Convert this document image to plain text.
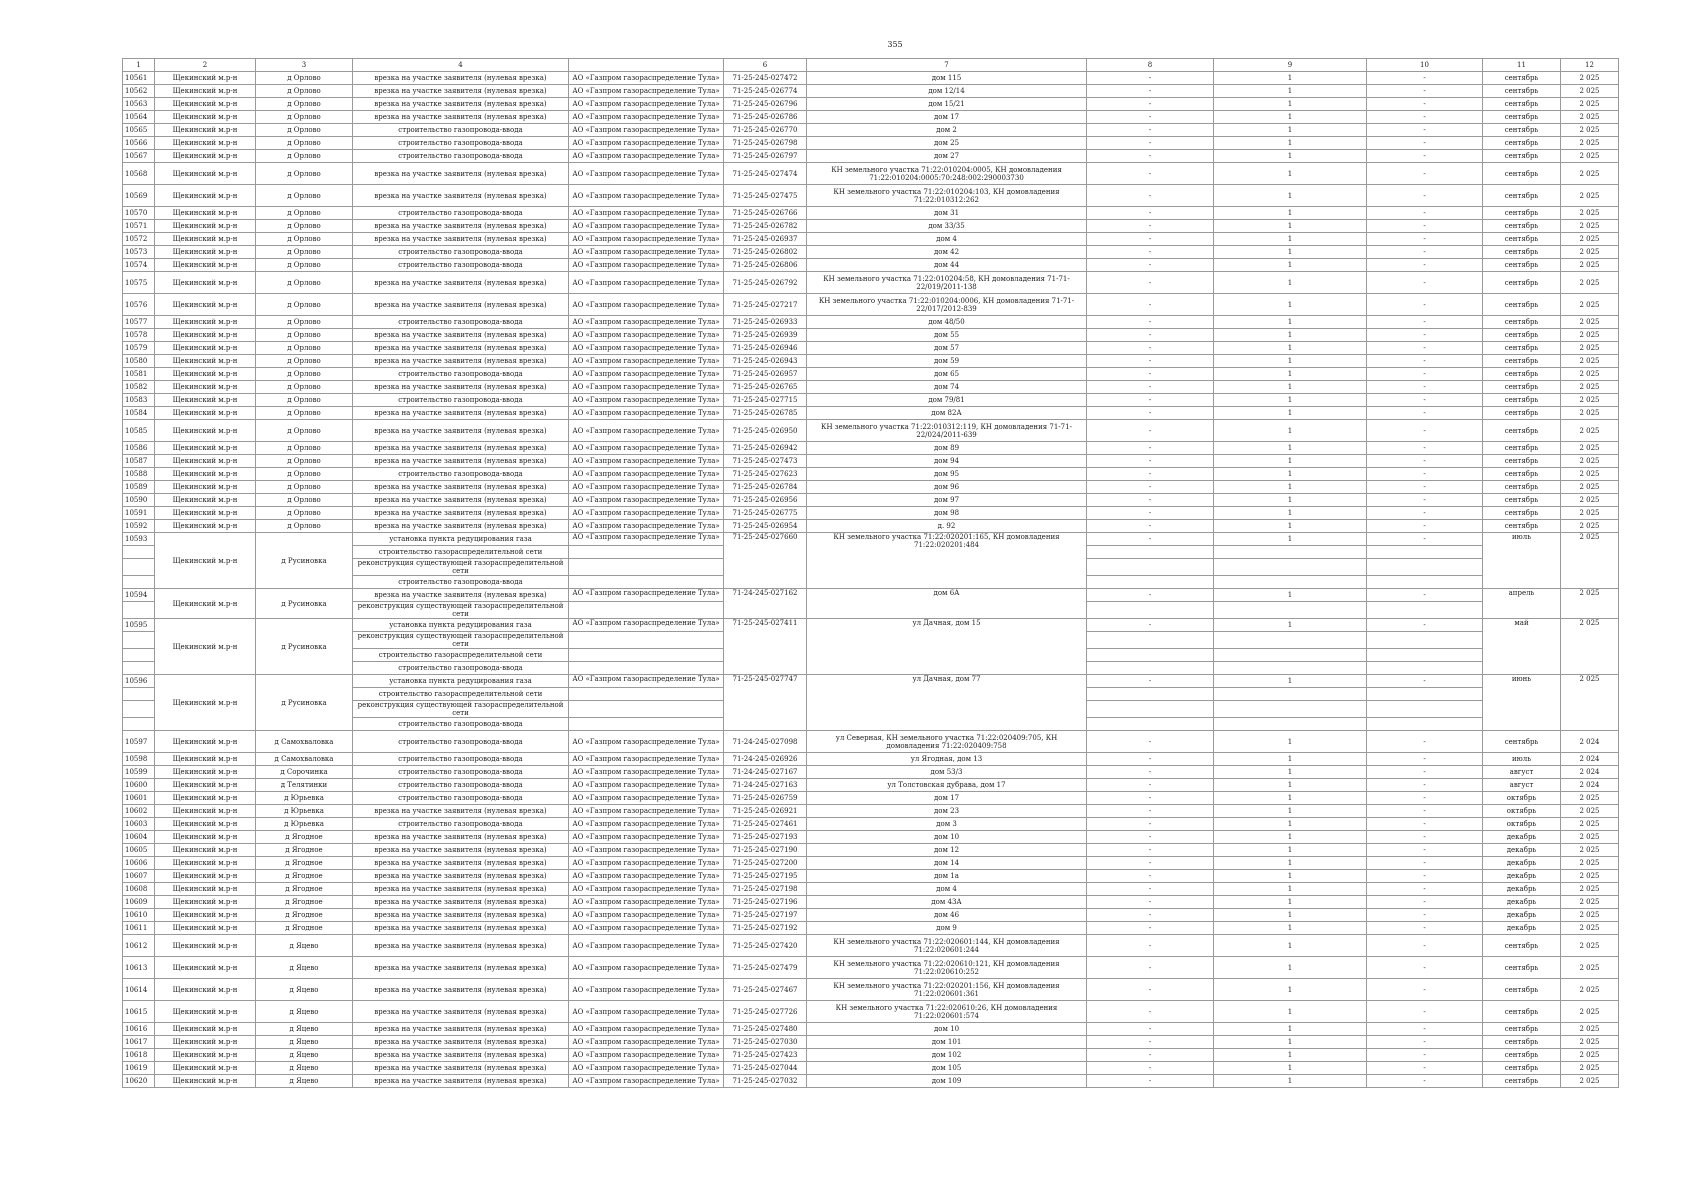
355
1	2	3	4		6	7	8	9	10	11	12
10561	Щекинский м.р-н	д Орлово	врезка на участке заявителя (нулевая врезка)	АО «Газпром газораспределение Тула»	71-25-245-027472	дом 115	-	1	-	сентябрь	2 025
10562	Щекинский м.р-н	д Орлово	врезка на участке заявителя (нулевая врезка)	АО «Газпром газораспределение Тула»	71-25-245-026774	дом 12/14	-	1	-	сентябрь	2 025
10563	Щекинский м.р-н	д Орлово	врезка на участке заявителя (нулевая врезка)	АО «Газпром газораспределение Тула»	71-25-245-026796	дом 15/21	-	1	-	сентябрь	2 025
10564	Щекинский м.р-н	д Орлово	врезка на участке заявителя (нулевая врезка)	АО «Газпром газораспределение Тула»	71-25-245-026786	дом 17	-	1	-	сентябрь	2 025
10565	Щекинский м.р-н	д Орлово	строительство газопровода-ввода	АО «Газпром газораспределение Тула»	71-25-245-026770	дом 2	-	1	-	сентябрь	2 025
10566	Щекинский м.р-н	д Орлово	строительство газопровода-ввода	АО «Газпром газораспределение Тула»	71-25-245-026798	дом 25	-	1	-	сентябрь	2 025
10567	Щекинский м.р-н	д Орлово	строительство газопровода-ввода	АО «Газпром газораспределение Тула»	71-25-245-026797	дом 27	-	1	-	сентябрь	2 025
10568	Щекинский м.р-н	д Орлово	врезка на участке заявителя (нулевая врезка)	АО «Газпром газораспределение Тула»	71-25-245-027474	КН земельного участка 71:22:010204:0005, КН домовладения 71:22:010204:0005:70:248:002:290003730	-	1	-	сентябрь	2 025
10569	Щекинский м.р-н	д Орлово	врезка на участке заявителя (нулевая врезка)	АО «Газпром газораспределение Тула»	71-25-245-027475	КН земельного участка 71:22:010204:103, КН домовладения 71:22:010312:262	-	1	-	сентябрь	2 025
10570	Щекинский м.р-н	д Орлово	строительство газопровода-ввода	АО «Газпром газораспределение Тула»	71-25-245-026766	дом 31	-	1	-	сентябрь	2 025
10571	Щекинский м.р-н	д Орлово	врезка на участке заявителя (нулевая врезка)	АО «Газпром газораспределение Тула»	71-25-245-026782	дом 33/35	-	1	-	сентябрь	2 025
10572	Щекинский м.р-н	д Орлово	врезка на участке заявителя (нулевая врезка)	АО «Газпром газораспределение Тула»	71-25-245-026937	дом 4	-	1	-	сентябрь	2 025
10573	Щекинский м.р-н	д Орлово	строительство газопровода-ввода	АО «Газпром газораспределение Тула»	71-25-245-026802	дом 42	-	1	-	сентябрь	2 025
10574	Щекинский м.р-н	д Орлово	строительство газопровода-ввода	АО «Газпром газораспределение Тула»	71-25-245-026806	дом 44	-	1	-	сентябрь	2 025
10575	Щекинский м.р-н	д Орлово	врезка на участке заявителя (нулевая врезка)	АО «Газпром газораспределение Тула»	71-25-245-026792	КН земельного участка 71:22:010204:58, КН домовладения 71-71-22/019/2011-138	-	1	-	сентябрь	2 025
10576	Щекинский м.р-н	д Орлово	врезка на участке заявителя (нулевая врезка)	АО «Газпром газораспределение Тула»	71-25-245-027217	КН земельного участка 71:22:010204:0006, КН домовладения 71-71-22/017/2012-839	-	1	-	сентябрь	2 025
10577	Щекинский м.р-н	д Орлово	строительство газопровода-ввода	АО «Газпром газораспределение Тула»	71-25-245-026933	дом 48/50	-	1	-	сентябрь	2 025
10578	Щекинский м.р-н	д Орлово	врезка на участке заявителя (нулевая врезка)	АО «Газпром газораспределение Тула»	71-25-245-026939	дом 55	-	1	-	сентябрь	2 025
10579	Щекинский м.р-н	д Орлово	врезка на участке заявителя (нулевая врезка)	АО «Газпром газораспределение Тула»	71-25-245-026946	дом 57	-	1	-	сентябрь	2 025
10580	Щекинский м.р-н	д Орлово	врезка на участке заявителя (нулевая врезка)	АО «Газпром газораспределение Тула»	71-25-245-026943	дом 59	-	1	-	сентябрь	2 025
10581	Щекинский м.р-н	д Орлово	строительство газопровода-ввода	АО «Газпром газораспределение Тула»	71-25-245-026957	дом 65	-	1	-	сентябрь	2 025
10582	Щекинский м.р-н	д Орлово	врезка на участке заявителя (нулевая врезка)	АО «Газпром газораспределение Тула»	71-25-245-026765	дом 74	-	1	-	сентябрь	2 025
10583	Щекинский м.р-н	д Орлово	строительство газопровода-ввода	АО «Газпром газораспределение Тула»	71-25-245-027715	дом 79/81	-	1	-	сентябрь	2 025
10584	Щекинский м.р-н	д Орлово	врезка на участке заявителя (нулевая врезка)	АО «Газпром газораспределение Тула»	71-25-245-026785	дом 82А	-	1	-	сентябрь	2 025
10585	Щекинский м.р-н	д Орлово	врезка на участке заявителя (нулевая врезка)	АО «Газпром газораспределение Тула»	71-25-245-026950	КН земельного участка 71:22:010312:119, КН домовладения 71-71-22/024/2011-639	-	1	-	сентябрь	2 025
10586	Щекинский м.р-н	д Орлово	врезка на участке заявителя (нулевая врезка)	АО «Газпром газораспределение Тула»	71-25-245-026942	дом 89	-	1	-	сентябрь	2 025
10587	Щекинский м.р-н	д Орлово	врезка на участке заявителя (нулевая врезка)	АО «Газпром газораспределение Тула»	71-25-245-027473	дом 94	-	1	-	сентябрь	2 025
10588	Щекинский м.р-н	д Орлово	строительство газопровода-ввода	АО «Газпром газораспределение Тула»	71-25-245-027623	дом 95	-	1	-	сентябрь	2 025
10589	Щекинский м.р-н	д Орлово	врезка на участке заявителя (нулевая врезка)	АО «Газпром газораспределение Тула»	71-25-245-026784	дом 96	-	1	-	сентябрь	2 025
10590	Щекинский м.р-н	д Орлово	врезка на участке заявителя (нулевая врезка)	АО «Газпром газораспределение Тула»	71-25-245-026956	дом 97	-	1	-	сентябрь	2 025
10591	Щекинский м.р-н	д Орлово	врезка на участке заявителя (нулевая врезка)	АО «Газпром газораспределение Тула»	71-25-245-026775	дом 98	-	1	-	сентябрь	2 025
10592	Щекинский м.р-н	д Орлово	врезка на участке заявителя (нулевая врезка)	АО «Газпром газораспределение Тула»	71-25-245-026954	д. 92	-	1	-	сентябрь	2 025
10593	Щекинский м.р-н	д Русиновка	установка пункта редуцирования газа	АО «Газпром газораспределение Тула»	71-25-245-027660	КН земельного участка 71:22:020201:165, КН домовладения 71:22:020201:484	-	1	-	июль	2 025
			строительство газораспределительной сети								
			реконструкция существующей газораспределительной сети								
			строительство газопровода-ввода								
10594	Щекинский м.р-н	д Русиновка	врезка на участке заявителя (нулевая врезка)	АО «Газпром газораспределение Тула»	71-24-245-027162	дом 6А	-	1	-	апрель	2 025
			реконструкция существующей газораспределительной сети								
10595	Щекинский м.р-н	д Русиновка	установка пункта редуцирования газа	АО «Газпром газораспределение Тула»	71-25-245-027411	ул Дачная, дом 15	-	1	-	май	2 025
			реконструкция существующей газораспределительной сети								
			строительство газораспределительной сети								
			строительство газопровода-ввода								
10596	Щекинский м.р-н	д Русиновка	установка пункта редуцирования газа	АО «Газпром газораспределение Тула»	71-25-245-027747	ул Дачная, дом 77	-	1	-	июнь	2 025
			строительство газораспределительной сети								
			реконструкция существующей газораспределительной сети								
			строительство газопровода-ввода								
10597	Щекинский м.р-н	д Самохваловка	строительство газопровода-ввода	АО «Газпром газораспределение Тула»	71-24-245-027098	ул Северная, КН земельного участка 71:22:020409:705, КН домовладения 71:22:020409:758	-	1	-	сентябрь	2 024
10598	Щекинский м.р-н	д Самохваловка	строительство газопровода-ввода	АО «Газпром газораспределение Тула»	71-24-245-026926	ул Ягодная, дом 13	-	1	-	июль	2 024
10599	Щекинский м.р-н	д Сорочинка	строительство газопровода-ввода	АО «Газпром газораспределение Тула»	71-24-245-027167	дом 53/3	-	1	-	август	2 024
10600	Щекинский м.р-н	д Телятинки	строительство газопровода-ввода	АО «Газпром газораспределение Тула»	71-24-245-027163	ул Толстовская дубрава, дом 17	-	1	-	август	2 024
10601	Щекинский м.р-н	д Юрьевка	строительство газопровода-ввода	АО «Газпром газораспределение Тула»	71-25-245-026759	дом 17	-	1	-	октябрь	2 025
10602	Щекинский м.р-н	д Юрьевка	врезка на участке заявителя (нулевая врезка)	АО «Газпром газораспределение Тула»	71-25-245-026921	дом 23	-	1	-	октябрь	2 025
10603	Щекинский м.р-н	д Юрьевка	строительство газопровода-ввода	АО «Газпром газораспределение Тула»	71-25-245-027461	дом 3	-	1	-	октябрь	2 025
10604	Щекинский м.р-н	д Ягодное	врезка на участке заявителя (нулевая врезка)	АО «Газпром газораспределение Тула»	71-25-245-027193	дом 10	-	1	-	декабрь	2 025
10605	Щекинский м.р-н	д Ягодное	врезка на участке заявителя (нулевая врезка)	АО «Газпром газораспределение Тула»	71-25-245-027190	дом 12	-	1	-	декабрь	2 025
10606	Щекинский м.р-н	д Ягодное	врезка на участке заявителя (нулевая врезка)	АО «Газпром газораспределение Тула»	71-25-245-027200	дом 14	-	1	-	декабрь	2 025
10607	Щекинский м.р-н	д Ягодное	врезка на участке заявителя (нулевая врезка)	АО «Газпром газораспределение Тула»	71-25-245-027195	дом 1а	-	1	-	декабрь	2 025
10608	Щекинский м.р-н	д Ягодное	врезка на участке заявителя (нулевая врезка)	АО «Газпром газораспределение Тула»	71-25-245-027198	дом 4	-	1	-	декабрь	2 025
10609	Щекинский м.р-н	д Ягодное	врезка на участке заявителя (нулевая врезка)	АО «Газпром газораспределение Тула»	71-25-245-027196	дом 43А	-	1	-	декабрь	2 025
10610	Щекинский м.р-н	д Ягодное	врезка на участке заявителя (нулевая врезка)	АО «Газпром газораспределение Тула»	71-25-245-027197	дом 46	-	1	-	декабрь	2 025
10611	Щекинский м.р-н	д Ягодное	врезка на участке заявителя (нулевая врезка)	АО «Газпром газораспределение Тула»	71-25-245-027192	дом 9	-	1	-	декабрь	2 025
10612	Щекинский м.р-н	д Яцево	врезка на участке заявителя (нулевая врезка)	АО «Газпром газораспределение Тула»	71-25-245-027420	КН земельного участка 71:22:020601:144, КН домовладения 71:22:020601:244	-	1	-	сентябрь	2 025
10613	Щекинский м.р-н	д Яцево	врезка на участке заявителя (нулевая врезка)	АО «Газпром газораспределение Тула»	71-25-245-027479	КН земельного участка 71:22:020610:121, КН домовладения 71:22:020610:252	-	1	-	сентябрь	2 025
10614	Щекинский м.р-н	д Яцево	врезка на участке заявителя (нулевая врезка)	АО «Газпром газораспределение Тула»	71-25-245-027467	КН земельного участка 71:22:020201:156, КН домовладения 71:22:020601:361	-	1	-	сентябрь	2 025
10615	Щекинский м.р-н	д Яцево	врезка на участке заявителя (нулевая врезка)	АО «Газпром газораспределение Тула»	71-25-245-027726	КН земельного участка 71:22:020610:26, КН домовладения 71:22:020601:574	-	1	-	сентябрь	2 025
10616	Щекинский м.р-н	д Яцево	врезка на участке заявителя (нулевая врезка)	АО «Газпром газораспределение Тула»	71-25-245-027480	дом 10	-	1	-	сентябрь	2 025
10617	Щекинский м.р-н	д Яцево	врезка на участке заявителя (нулевая врезка)	АО «Газпром газораспределение Тула»	71-25-245-027030	дом 101	-	1	-	сентябрь	2 025
10618	Щекинский м.р-н	д Яцево	врезка на участке заявителя (нулевая врезка)	АО «Газпром газораспределение Тула»	71-25-245-027423	дом 102	-	1	-	сентябрь	2 025
10619	Щекинский м.р-н	д Яцево	врезка на участке заявителя (нулевая врезка)	АО «Газпром газораспределение Тула»	71-25-245-027044	дом 105	-	1	-	сентябрь	2 025
10620	Щекинский м.р-н	д Яцево	врезка на участке заявителя (нулевая врезка)	АО «Газпром газораспределение Тула»	71-25-245-027032	дом 109	-	1	-	сентябрь	2 025
